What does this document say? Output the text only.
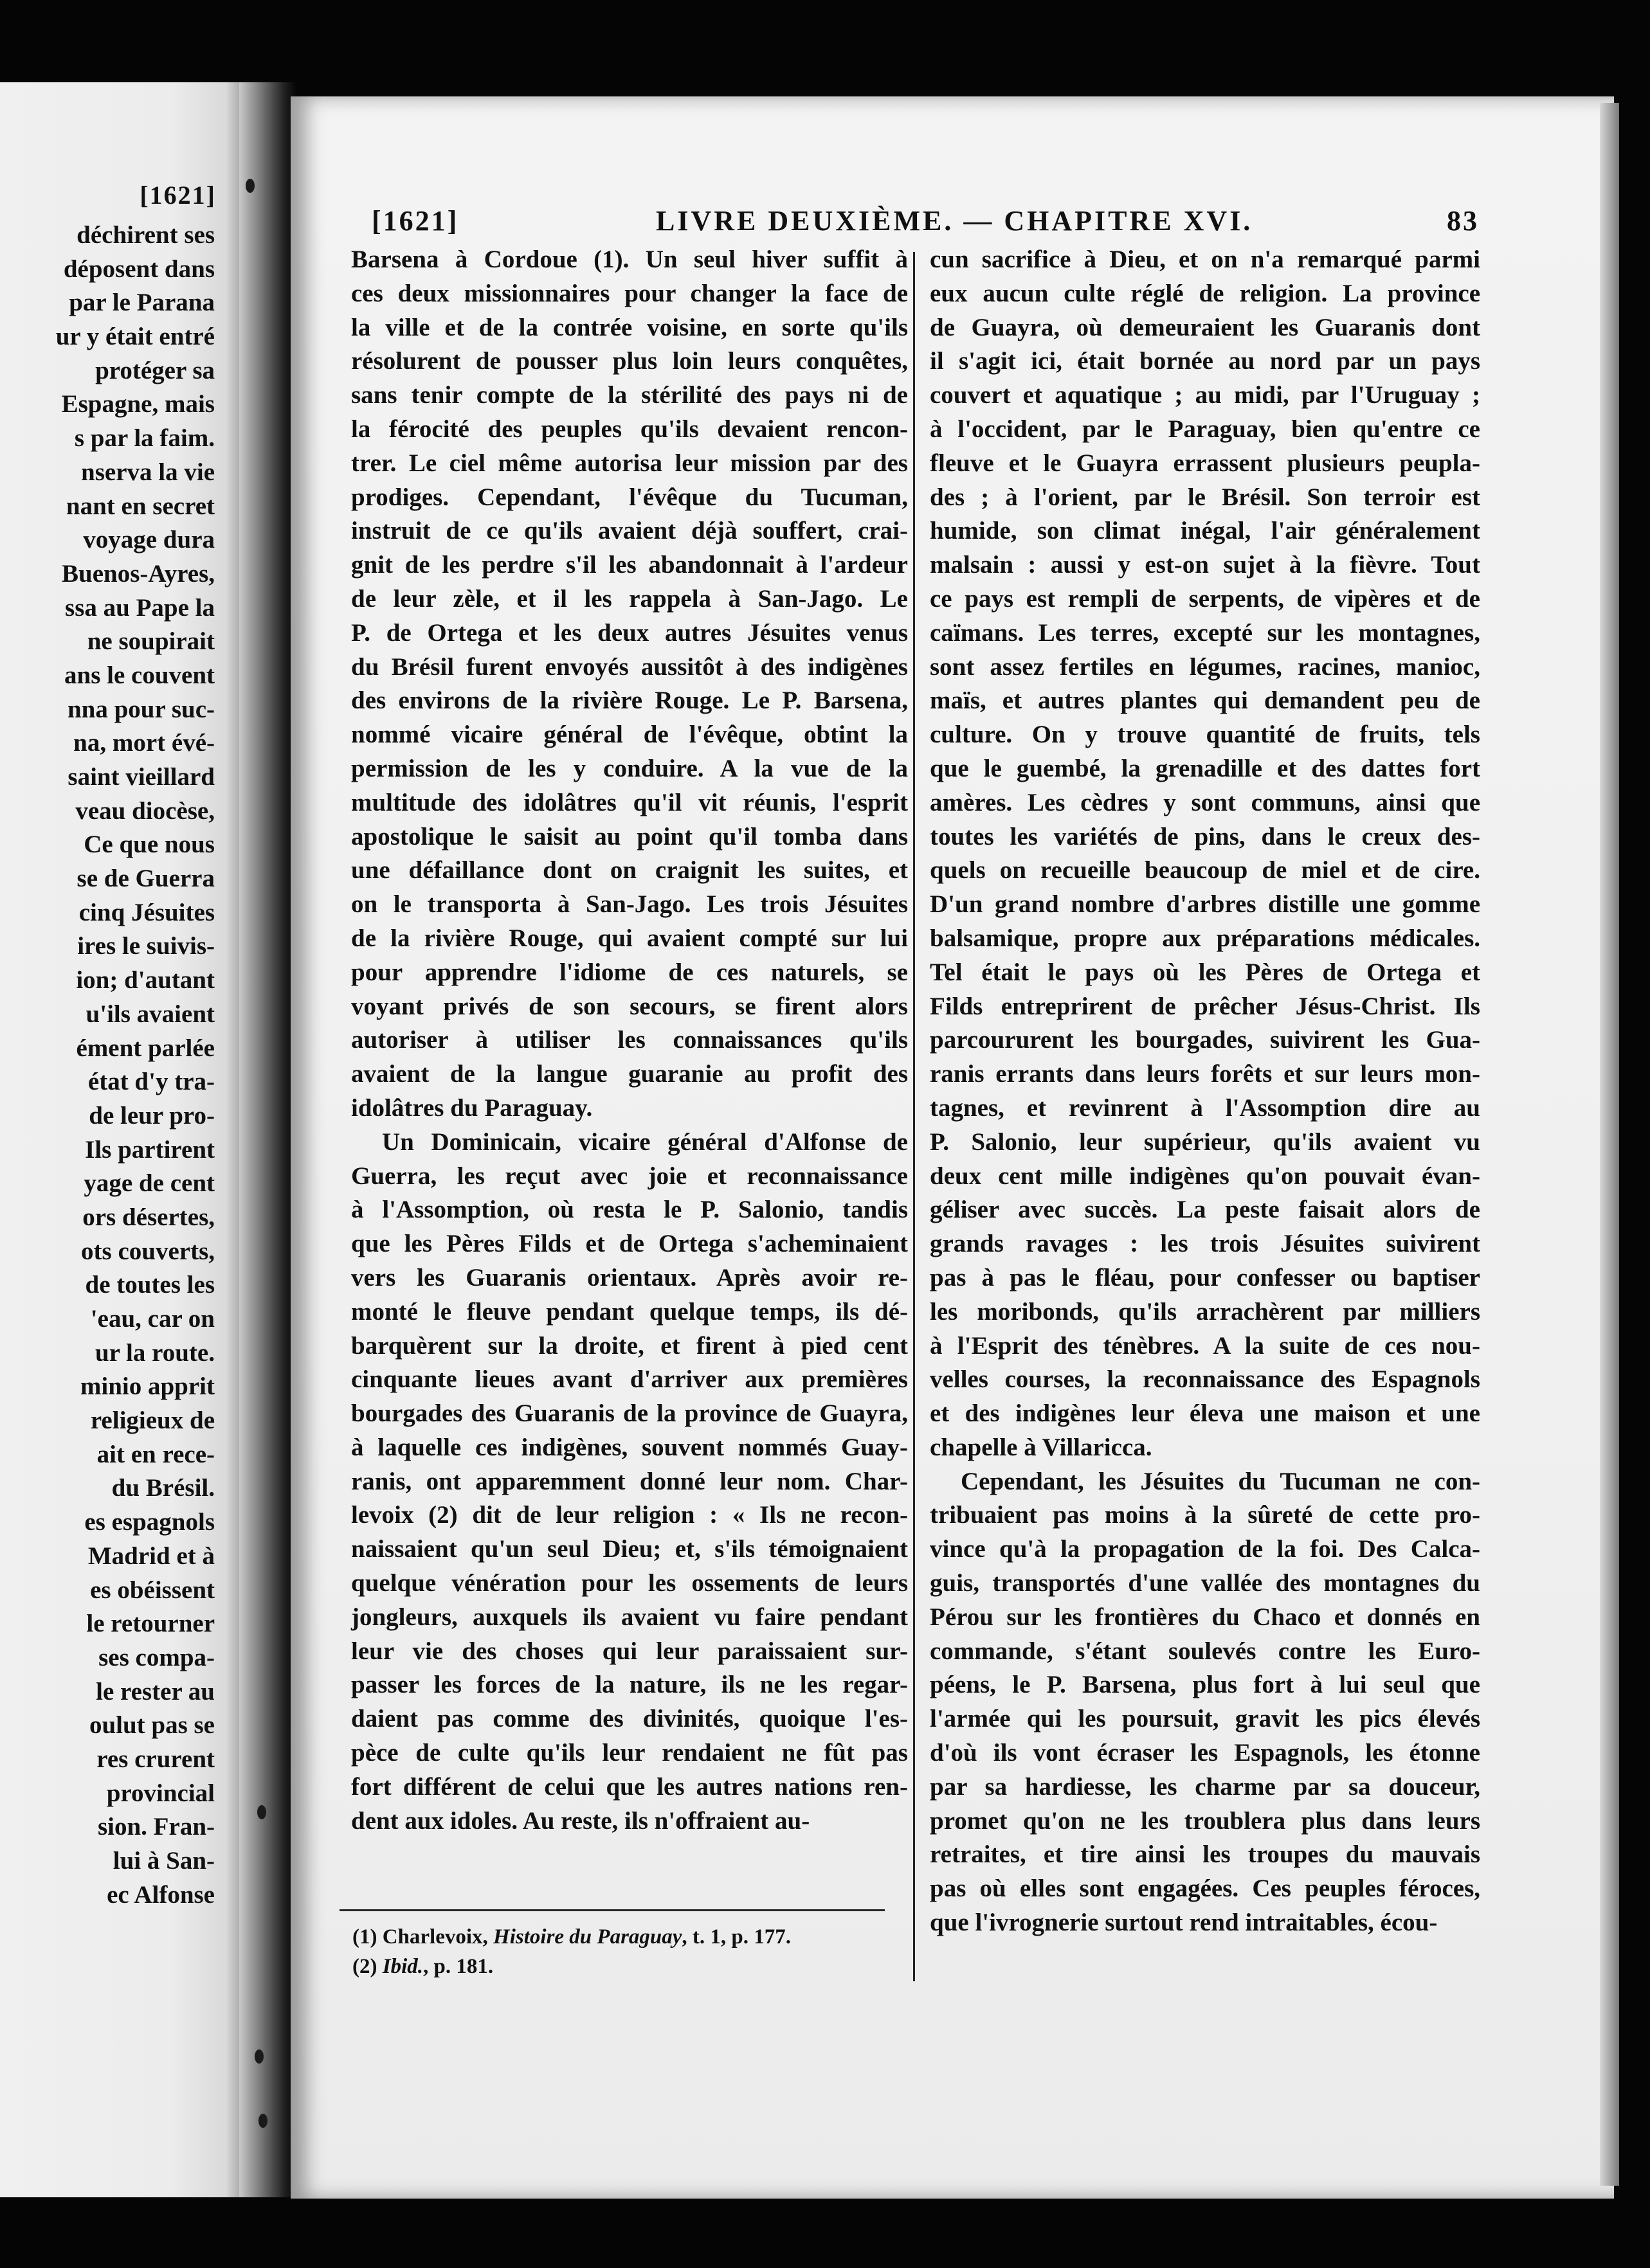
[1621]
déchirent ses
déposent dans
par le Parana
ur y était entré
protéger sa
Espagne, mais
s par la faim.
nserva la vie
nant en secret
voyage dura
Buenos-Ayres,
ssa au Pape la
ne soupirait
ans le couvent
nna pour suc-
na, mort évé-
saint vieillard
veau diocèse,
Ce que nous
se de Guerra
cinq Jésuites
ires le suivis-
ion; d'autant
u'ils avaient
ément parlée
état d'y tra-
de leur pro-
Ils partirent
yage de cent
ors désertes,
ots couverts,
de toutes les
'eau, car on
ur la route.
minio apprit
religieux de
ait en rece-
du Brésil.
es espagnols
Madrid et à
es obéissent
le retourner
ses compa-
le rester au
oulut pas se
res crurent
provincial
sion. Fran-
lui à San-
ec Alfonse
[1621]	LIVRE DEUXIÈME. — CHAPITRE XVI.	83
Barsena à Cordoue (1). Un seul hiver suffit à
ces deux missionnaires pour changer la face de
la ville et de la contrée voisine, en sorte qu'ils
résolurent de pousser plus loin leurs conquêtes,
sans tenir compte de la stérilité des pays ni de
la férocité des peuples qu'ils devaient rencon-
trer. Le ciel même autorisa leur mission par des
prodiges. Cependant, l'évêque du Tucuman,
instruit de ce qu'ils avaient déjà souffert, crai-
gnit de les perdre s'il les abandonnait à l'ardeur
de leur zèle, et il les rappela à San-Jago. Le
P. de Ortega et les deux autres Jésuites venus
du Brésil furent envoyés aussitôt à des indigènes
des environs de la rivière Rouge. Le P. Barsena,
nommé vicaire général de l'évêque, obtint la
permission de les y conduire. A la vue de la
multitude des idolâtres qu'il vit réunis, l'esprit
apostolique le saisit au point qu'il tomba dans
une défaillance dont on craignit les suites, et
on le transporta à San-Jago. Les trois Jésuites
de la rivière Rouge, qui avaient compté sur lui
pour apprendre l'idiome de ces naturels, se
voyant privés de son secours, se firent alors
autoriser à utiliser les connaissances qu'ils
avaient de la langue guaranie au profit des
idolâtres du Paraguay.
Un Dominicain, vicaire général d'Alfonse de
Guerra, les reçut avec joie et reconnaissance
à l'Assomption, où resta le P. Salonio, tandis
que les Pères Filds et de Ortega s'acheminaient
vers les Guaranis orientaux. Après avoir re-
monté le fleuve pendant quelque temps, ils dé-
barquèrent sur la droite, et firent à pied cent
cinquante lieues avant d'arriver aux premières
bourgades des Guaranis de la province de Guayra,
à laquelle ces indigènes, souvent nommés Guay-
ranis, ont apparemment donné leur nom. Char-
levoix (2) dit de leur religion : « Ils ne recon-
naissaient qu'un seul Dieu; et, s'ils témoignaient
quelque vénération pour les ossements de leurs
jongleurs, auxquels ils avaient vu faire pendant
leur vie des choses qui leur paraissaient sur-
passer les forces de la nature, ils ne les regar-
daient pas comme des divinités, quoique l'es-
pèce de culte qu'ils leur rendaient ne fût pas
fort différent de celui que les autres nations ren-
dent aux idoles. Au reste, ils n'offraient au-
cun sacrifice à Dieu, et on n'a remarqué parmi
eux aucun culte réglé de religion. La province
de Guayra, où demeuraient les Guaranis dont
il s'agit ici, était bornée au nord par un pays
couvert et aquatique ; au midi, par l'Uruguay ;
à l'occident, par le Paraguay, bien qu'entre ce
fleuve et le Guayra errassent plusieurs peupla-
des ; à l'orient, par le Brésil. Son terroir est
humide, son climat inégal, l'air généralement
malsain : aussi y est-on sujet à la fièvre. Tout
ce pays est rempli de serpents, de vipères et de
caïmans. Les terres, excepté sur les montagnes,
sont assez fertiles en légumes, racines, manioc,
maïs, et autres plantes qui demandent peu de
culture. On y trouve quantité de fruits, tels
que le guembé, la grenadille et des dattes fort
amères. Les cèdres y sont communs, ainsi que
toutes les variétés de pins, dans le creux des-
quels on recueille beaucoup de miel et de cire.
D'un grand nombre d'arbres distille une gomme
balsamique, propre aux préparations médicales.
Tel était le pays où les Pères de Ortega et
Filds entreprirent de prêcher Jésus-Christ. Ils
parcoururent les bourgades, suivirent les Gua-
ranis errants dans leurs forêts et sur leurs mon-
tagnes, et revinrent à l'Assomption dire au
P. Salonio, leur supérieur, qu'ils avaient vu
deux cent mille indigènes qu'on pouvait évan-
géliser avec succès. La peste faisait alors de
grands ravages : les trois Jésuites suivirent
pas à pas le fléau, pour confesser ou baptiser
les moribonds, qu'ils arrachèrent par milliers
à l'Esprit des ténèbres. A la suite de ces nou-
velles courses, la reconnaissance des Espagnols
et des indigènes leur éleva une maison et une
chapelle à Villaricca.
Cependant, les Jésuites du Tucuman ne con-
tribuaient pas moins à la sûreté de cette pro-
vince qu'à la propagation de la foi. Des Calca-
guis, transportés d'une vallée des montagnes du
Pérou sur les frontières du Chaco et donnés en
commande, s'étant soulevés contre les Euro-
péens, le P. Barsena, plus fort à lui seul que
l'armée qui les poursuit, gravit les pics élevés
d'où ils vont écraser les Espagnols, les étonne
par sa hardiesse, les charme par sa douceur,
promet qu'on ne les troublera plus dans leurs
retraites, et tire ainsi les troupes du mauvais
pas où elles sont engagées. Ces peuples féroces,
que l'ivrognerie surtout rend intraitables, écou-
(1) Charlevoix, Histoire du Paraguay, t. 1, p. 177.
(2) Ibid., p. 181.
